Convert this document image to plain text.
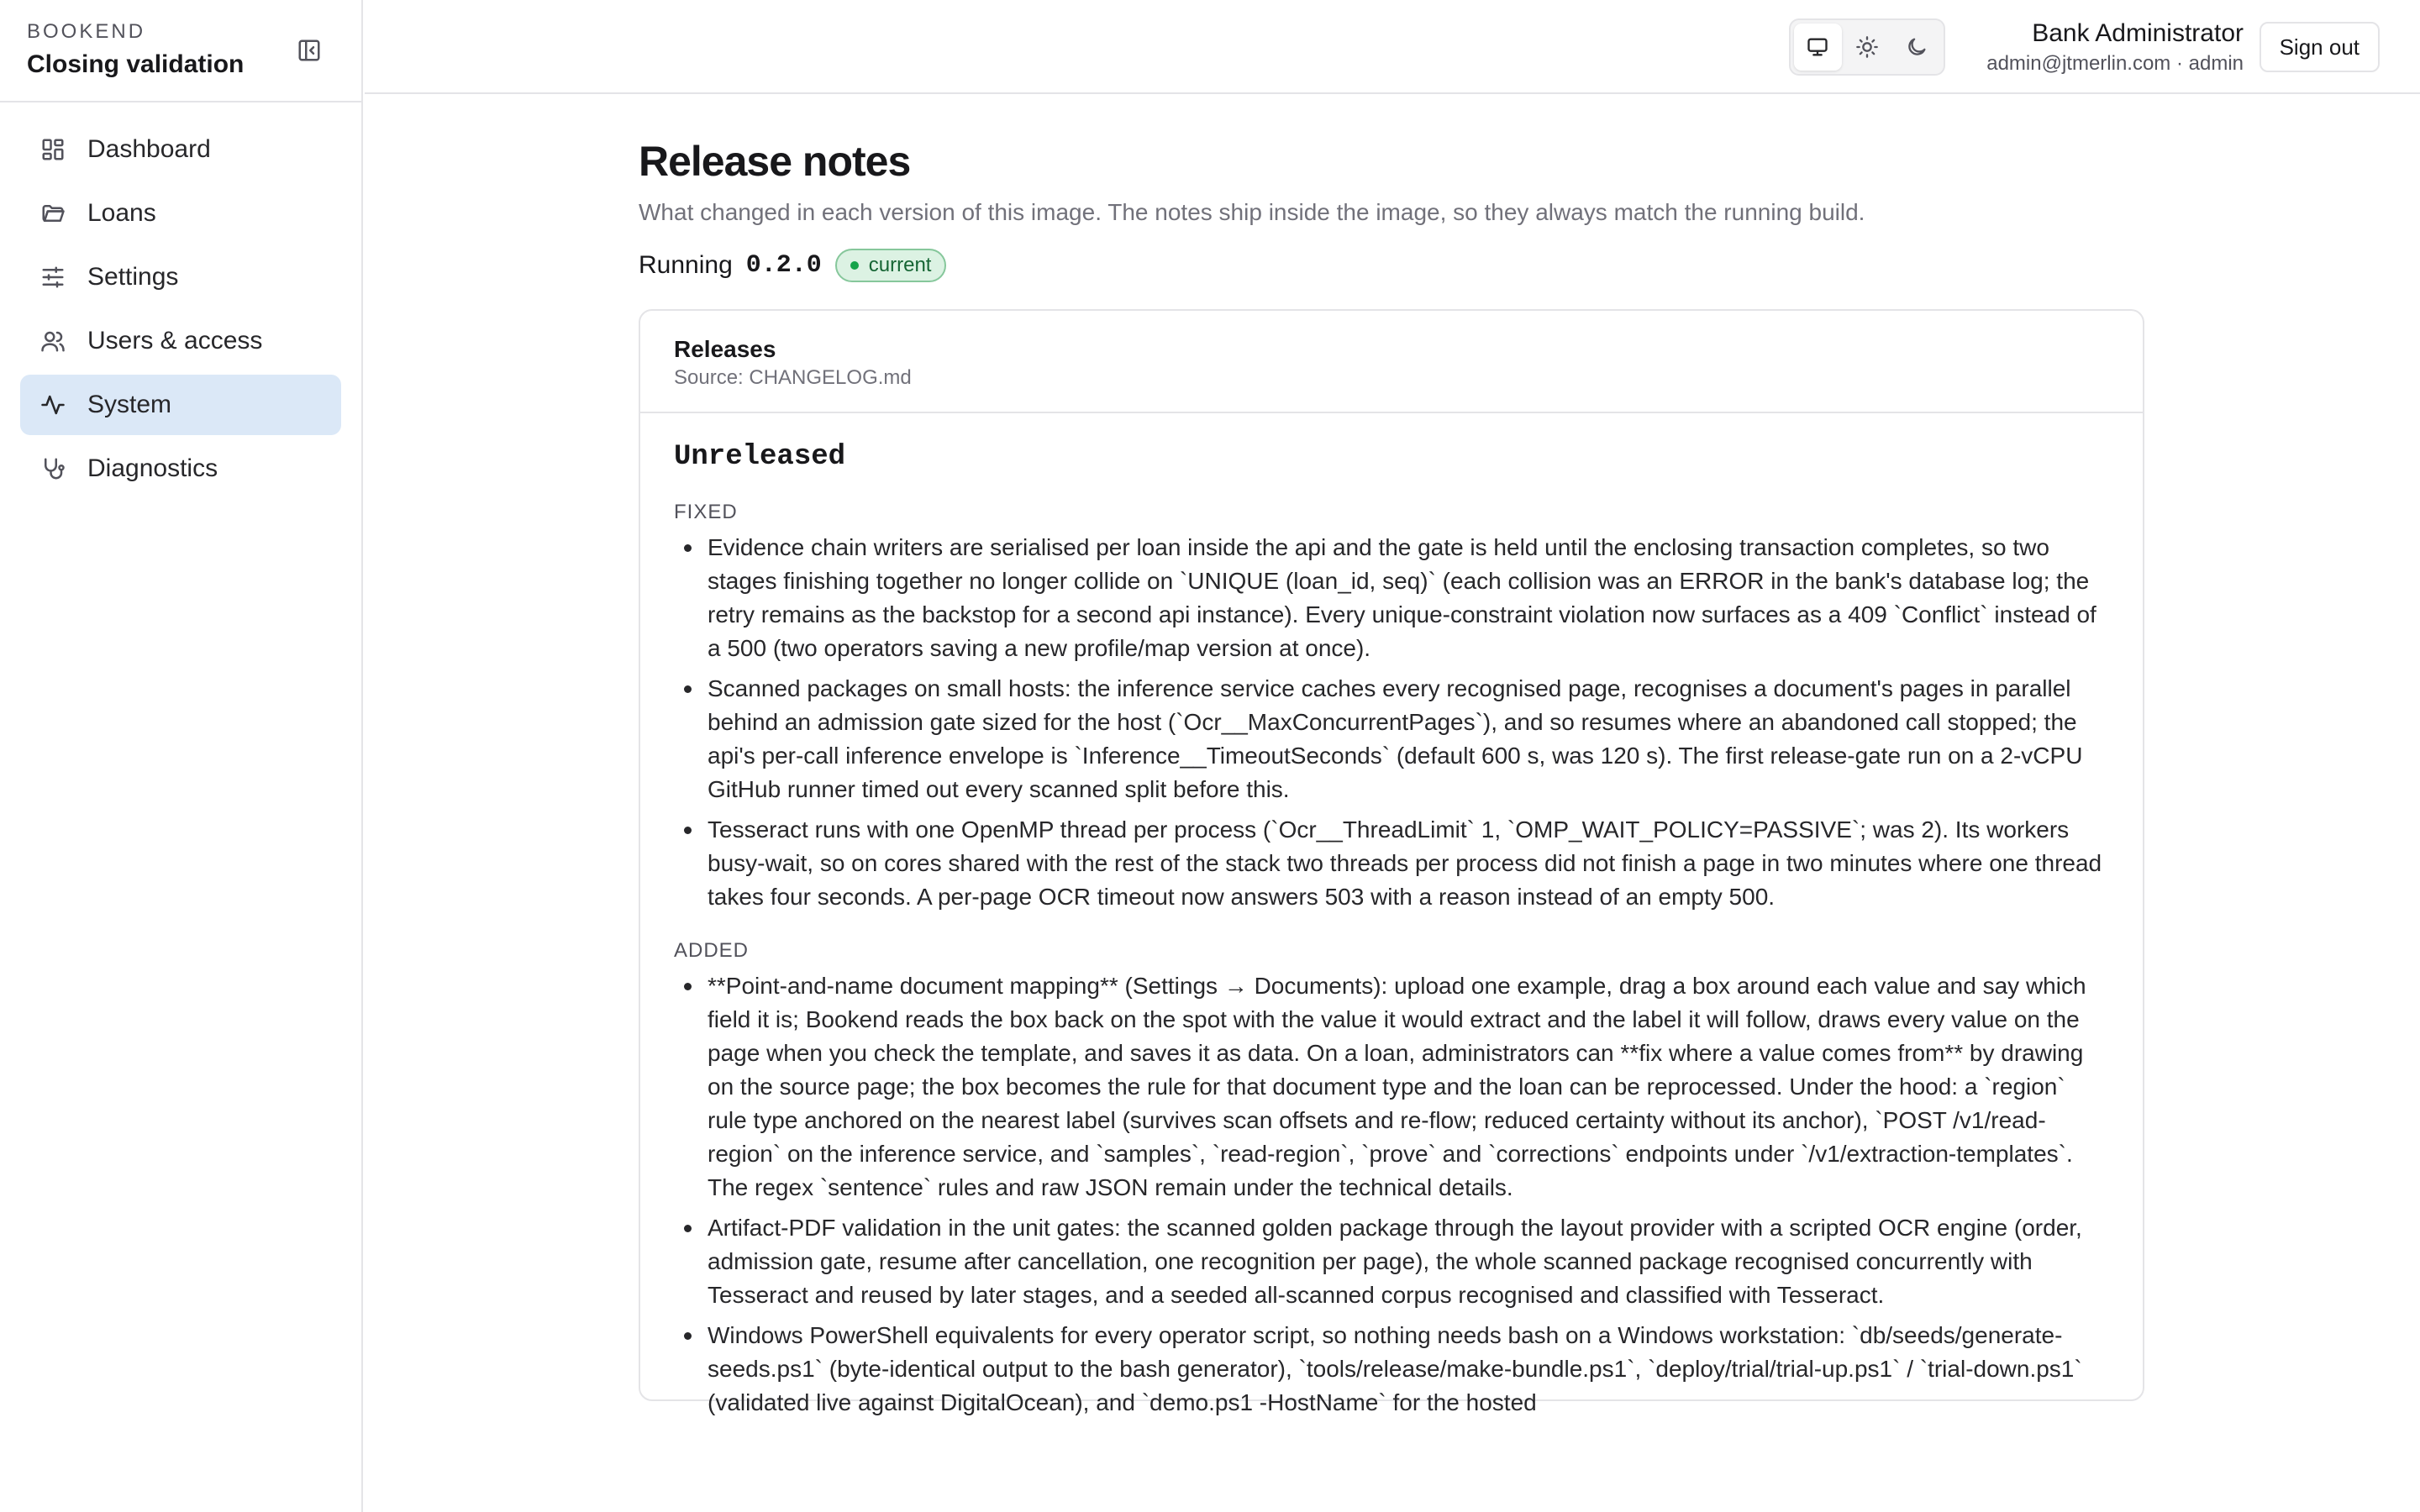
BOOKEND
Closing validation
Dashboard
Loans
Settings
Users & access
System
Diagnostics
Bank Administrator
admin@jtmerlin.com · admin
Sign out
Release notes

What changed in each version of this image. The notes ship inside the image, so they always match the running build.

Running 0.2.0 current
Releases
Source: CHANGELOG.md
Unreleased
FIXED
Evidence chain writers are serialised per loan inside the api and the gate is held until the enclosing transaction completes, so two stages finishing together no longer collide on `UNIQUE (loan_id, seq)` (each collision was an ERROR in the bank's database log; the retry remains as the backstop for a second api instance). Every unique-constraint violation now surfaces as a 409 `Conflict` instead of a 500 (two operators saving a new profile/map version at once).
Scanned packages on small hosts: the inference service caches every recognised page, recognises a document's pages in parallel behind an admission gate sized for the host (`Ocr__MaxConcurrentPages`), and so resumes where an abandoned call stopped; the api's per-call inference envelope is `Inference__TimeoutSeconds` (default 600 s, was 120 s). The first release-gate run on a 2-vCPU GitHub runner timed out every scanned split before this.
Tesseract runs with one OpenMP thread per process (`Ocr__ThreadLimit` 1, `OMP_WAIT_POLICY=PASSIVE`; was 2). Its workers busy-wait, so on cores shared with the rest of the stack two threads per process did not finish a page in two minutes where one thread takes four seconds. A per-page OCR timeout now answers 503 with a reason instead of an empty 500.
ADDED
**Point-and-name document mapping** (Settings → Documents): upload one example, drag a box around each value and say which field it is; Bookend reads the box back on the spot with the value it would extract and the label it will follow, draws every value on the page when you check the template, and saves it as data. On a loan, administrators can **fix where a value comes from** by drawing on the source page; the box becomes the rule for that document type and the loan can be reprocessed. Under the hood: a `region` rule type anchored on the nearest label (survives scan offsets and re-flow; reduced certainty without its anchor), `POST /v1/read-region` on the inference service, and `samples`, `read-region`, `prove` and `corrections` endpoints under `/v1/extraction-templates`. The regex `sentence` rules and raw JSON remain under the technical details.
Artifact-PDF validation in the unit gates: the scanned golden package through the layout provider with a scripted OCR engine (order, admission gate, resume after cancellation, one recognition per page), the whole scanned package recognised concurrently with Tesseract and reused by later stages, and a seeded all-scanned corpus recognised and classified with Tesseract.
Windows PowerShell equivalents for every operator script, so nothing needs bash on a Windows workstation: `db/seeds/generate-seeds.ps1` (byte-identical output to the bash generator), `tools/release/make-bundle.ps1`, `deploy/trial/trial-up.ps1` / `trial-down.ps1` (validated live against DigitalOcean), and `demo.ps1 -HostName` for the hosted
